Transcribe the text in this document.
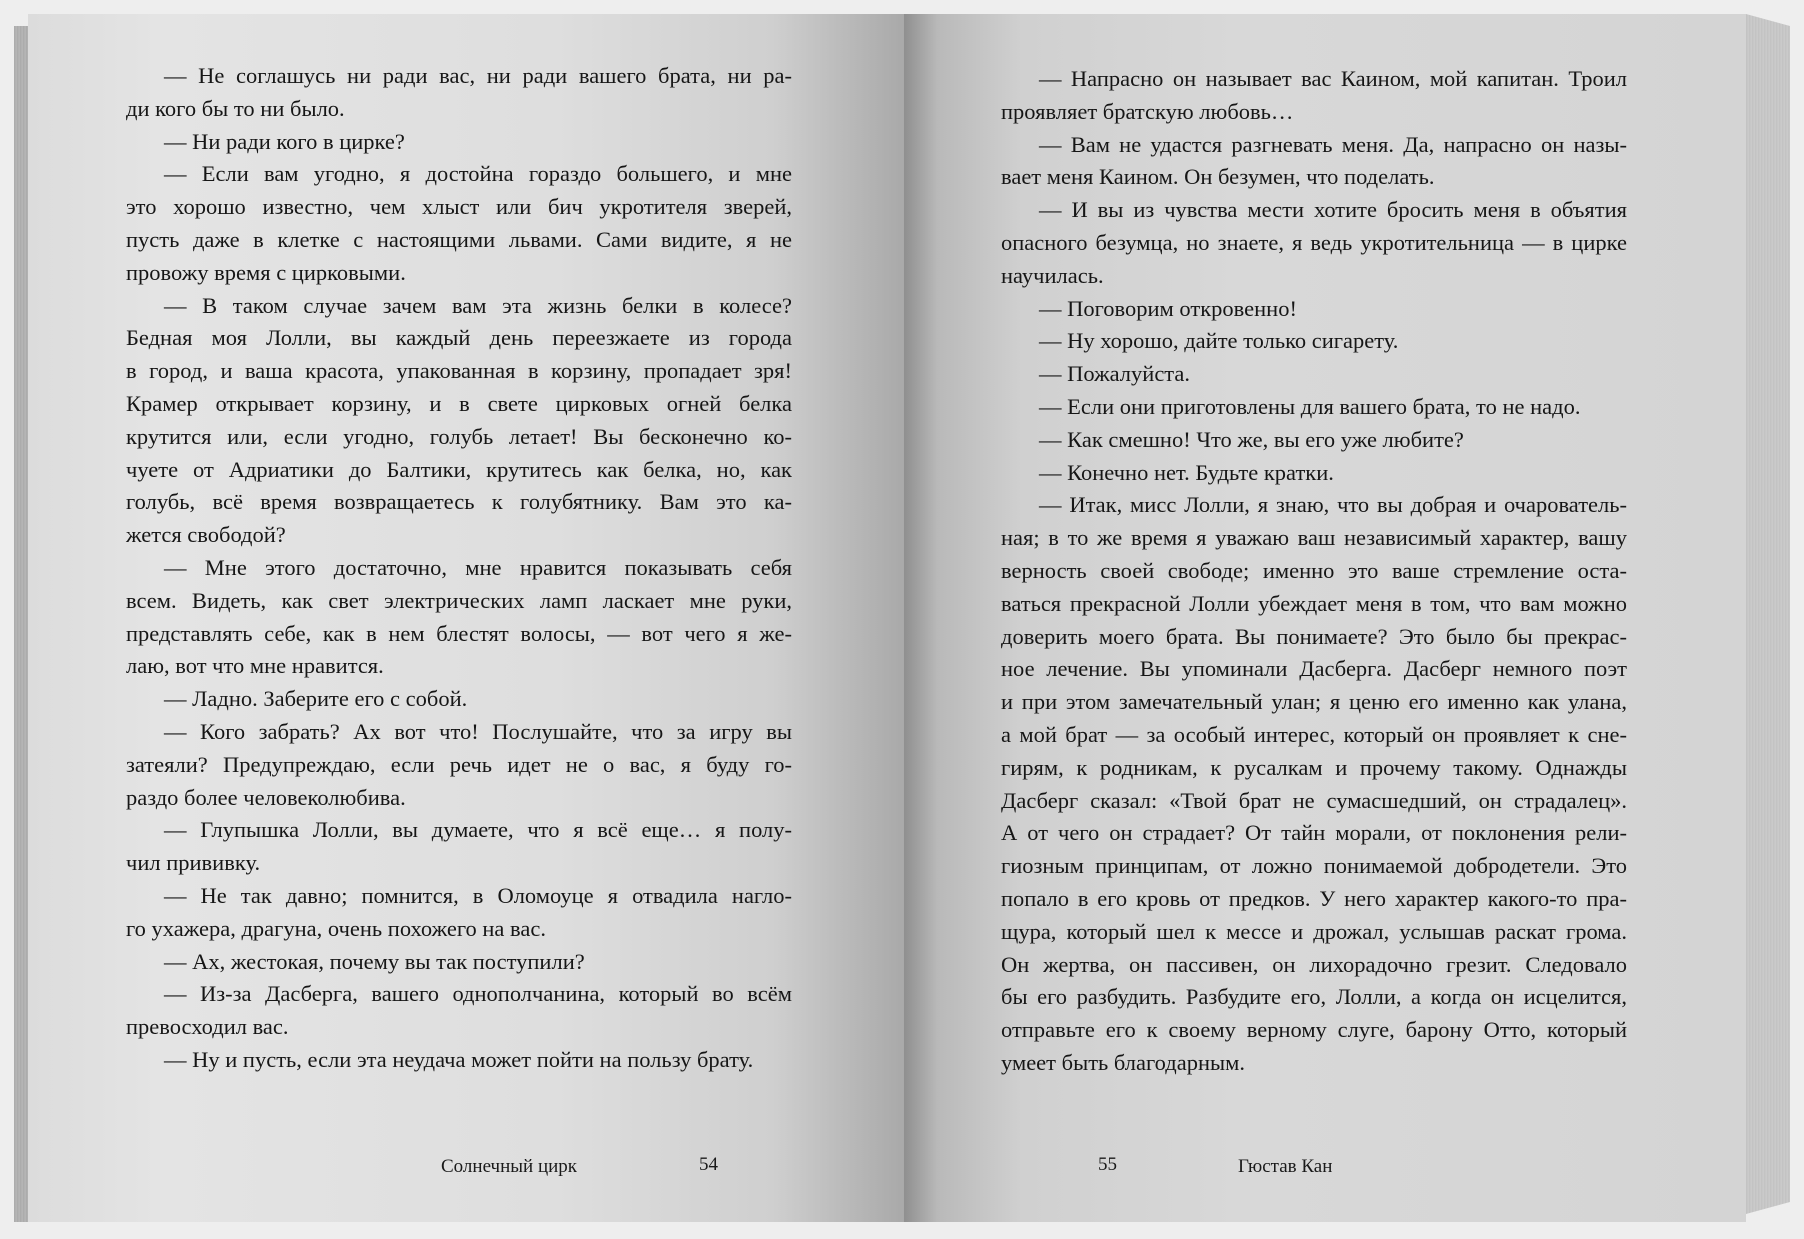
— Не соглашусь ни ради вас, ни ради вашего брата, ни ра-
ди кого бы то ни было.
— Ни ради кого в цирке?
— Если вам угодно, я достойна гораздо большего, и мне
это хорошо известно, чем хлыст или бич укротителя зверей,
пусть даже в клетке с настоящими львами. Сами видите, я не
провожу время с цирковыми.
— В таком случае зачем вам эта жизнь белки в колесе?
Бедная моя Лолли, вы каждый день переезжаете из города
в город, и ваша красота, упакованная в корзину, пропадает зря!
Крамер открывает корзину, и в свете цирковых огней белка
крутится или, если угодно, голубь летает! Вы бесконечно ко-
чуете от Адриатики до Балтики, крутитесь как белка, но, как
голубь, всё время возвращаетесь к голубятнику. Вам это ка-
жется свободой?
— Мне этого достаточно, мне нравится показывать себя
всем. Видеть, как свет электрических ламп ласкает мне руки,
представлять себе, как в нем блестят волосы, — вот чего я же-
лаю, вот что мне нравится.
— Ладно. Заберите его с собой.
— Кого забрать? Ах вот что! Послушайте, что за игру вы
затеяли? Предупреждаю, если речь идет не о вас, я буду го-
раздо более человеколюбива.
— Глупышка Лолли, вы думаете, что я всё еще… я полу-
чил прививку.
— Не так давно; помнится, в Оломоуце я отвадила нагло-
го ухажера, драгуна, очень похожего на вас.
— Ах, жестокая, почему вы так поступили?
— Из-за Дасберга, вашего однополчанина, который во всём
превосходил вас.
— Ну и пусть, если эта неудача может пойти на пользу брату.
Солнечный цирк	54
— Напрасно он называет вас Каином, мой капитан. Троил
проявляет братскую любовь…
— Вам не удастся разгневать меня. Да, напрасно он назы-
вает меня Каином. Он безумен, что поделать.
— И вы из чувства мести хотите бросить меня в объятия
опасного безумца, но знаете, я ведь укротительница — в цирке
научилась.
— Поговорим откровенно!
— Ну хорошо, дайте только сигарету.
— Пожалуйста.
— Если они приготовлены для вашего брата, то не надо.
— Как смешно! Что же, вы его уже любите?
— Конечно нет. Будьте кратки.
— Итак, мисс Лолли, я знаю, что вы добрая и очарователь-
ная; в то же время я уважаю ваш независимый характер, вашу
верность своей свободе; именно это ваше стремление оста-
ваться прекрасной Лолли убеждает меня в том, что вам можно
доверить моего брата. Вы понимаете? Это было бы прекрас-
ное лечение. Вы упоминали Дасберга. Дасберг немного поэт
и при этом замечательный улан; я ценю его именно как улана,
а мой брат — за особый интерес, который он проявляет к сне-
гирям, к родникам, к русалкам и прочему такому. Однажды
Дасберг сказал: «Твой брат не сумасшедший, он страдалец».
А от чего он страдает? От тайн морали, от поклонения рели-
гиозным принципам, от ложно понимаемой добродетели. Это
попало в его кровь от предков. У него характер какого-то пра-
щура, который шел к мессе и дрожал, услышав раскат грома.
Он жертва, он пассивен, он лихорадочно грезит. Следовало
бы его разбудить. Разбудите его, Лолли, а когда он исцелится,
отправьте его к своему верному слуге, барону Отто, который
умеет быть благодарным.
55	Гюстав Кан
